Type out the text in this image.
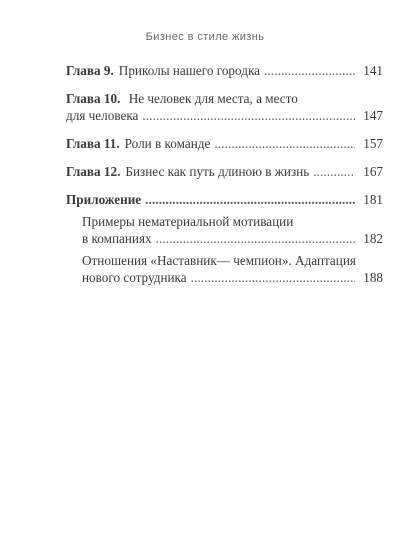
Бизнес в стиле жизнь
Глава 9. Приколы нашего городка . . .	141
Глава 10. Не человек для места, а место
для человека . . .	147
Глава 11. Роли в команде . . .	157
Глава 12. Бизнес как путь длиною в жизнь . . .	167
Приложение . . .	181
Примеры нематериальной мотивации
в компаниях . . .	182
Отношения «Наставник— чемпион». Адаптация
нового сотрудника . . .	188
